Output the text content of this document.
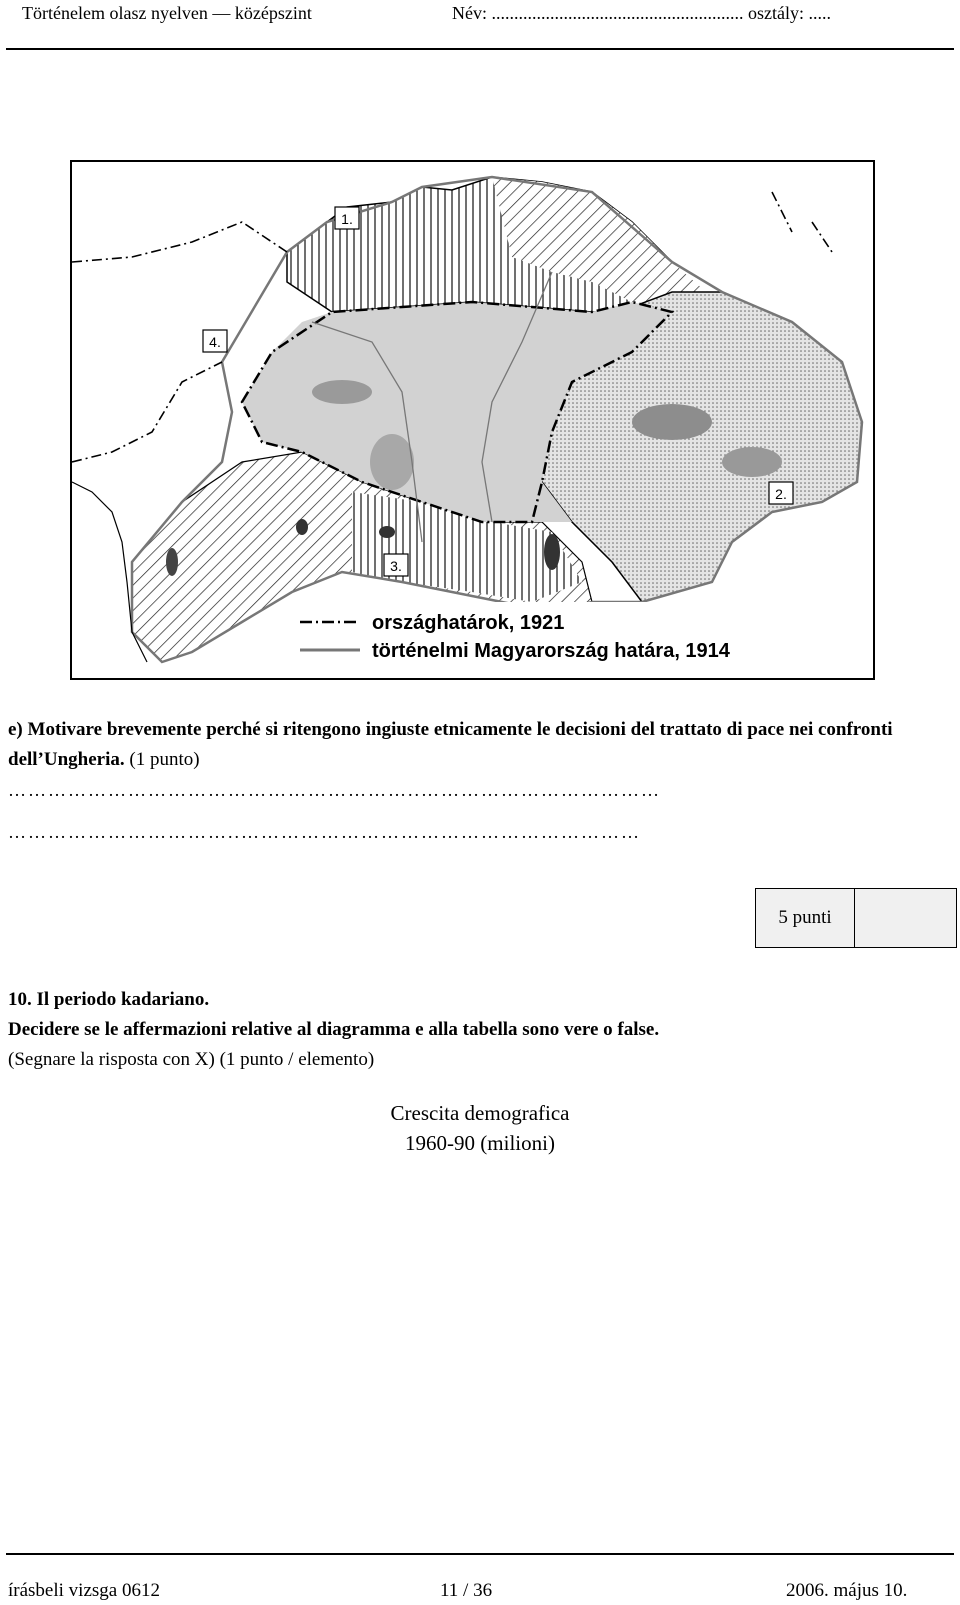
Történelem olasz nyelven — középszint	Név: ........................................................ osztály: .....
1.
2.
3.
4.
országhatárok, 1921
történelmi Magyarország határa, 1914
e) Motivare brevemente perché si ritengono ingiuste etnicamente le decisioni del trattato di pace nei confronti dell’Ungheria. (1 punto)
……………………………………………………..………………………………
……………………………..……………………………………………………
5 punti
10. Il periodo kadariano.
Decidere se le affermazioni relative al diagramma e alla tabella sono vere o false.
(Segnare la risposta con X) (1 punto / elemento)
Crescita demografica
1960-90 (milioni)
írásbeli vizsga 0612	11 / 36	2006. május 10.
